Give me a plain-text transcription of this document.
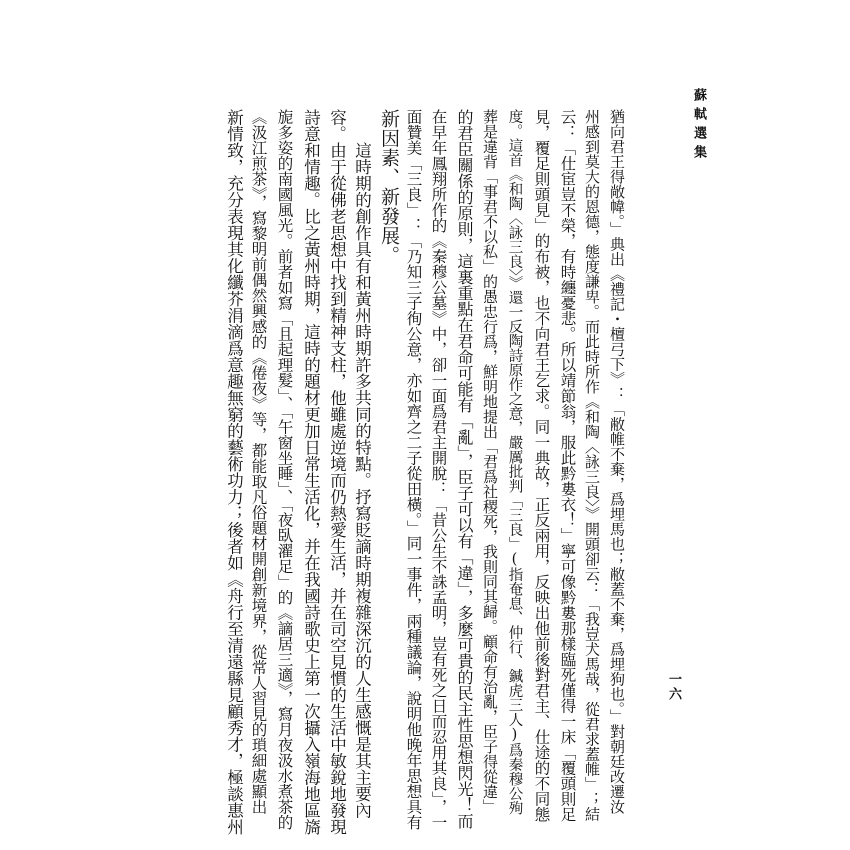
蘇軾選集
一六
猶向君王得敞幃。」典出《禮記・檀弓下》：「敝帷不棄，爲埋馬也；敝蓋不棄，爲埋狗也。」對朝廷改遷汝
州感到莫大的恩德，態度謙卑。而此時所作《和陶〈詠三良〉》開頭卻云：「我豈犬馬哉，從君求蓋帷」；結
云：「仕宦豈不榮，有時纏憂悲。所以靖節翁，服此黔婁衣！」寧可像黔婁那樣臨死僅得一床「覆頭則足
見，覆足則頭見」的布被，也不向君王乞求。同一典故，正反兩用，反映出他前後對君主、仕途的不同態
度。這首《和陶〈詠三良〉》還一反陶詩原作之意，嚴厲批判「三良」(指奄息、仲行、鍼虎三人)爲秦穆公殉
葬是違背「事君不以私」的愚忠行爲，鮮明地提出「君爲社稷死，我則同其歸。顧命有治亂，臣子得從違」
的君臣關係的原則，這裏重點在君命可能有「亂」，臣子可以有「違」，多麼可貴的民主性思想閃光！而
在早年鳳翔所作的《秦穆公墓》中，卻一面爲君主開脫：「昔公生不誅孟明，豈有死之日而忍用其良」，一
面贊美「三良」：「乃知三子徇公意，亦如齊之二子從田橫。」同一事件，兩種議論，說明他晚年思想具有
新因素、新發展。
　　這時期的創作具有和黃州時期許多共同的特點。抒寫貶謫時期複雜深沉的人生感慨是其主要內
容。由于從佛老思想中找到精神支柱，他雖處逆境而仍熱愛生活，并在司空見慣的生活中敏銳地發現
詩意和情趣。比之黃州時期，這時的題材更加日常生活化，并在我國詩歌史上第一次攝入嶺海地區旖
旎多姿的南國風光。前者如寫「且起理髮」、「午窗坐睡」、「夜臥濯足」的《謫居三適》，寫月夜汲水煮茶的
《汲江煎茶》，寫黎明前偶然興感的《倦夜》等，都能取凡俗題材開創新境界，從常人習見的瑣細處顯出
新情致，充分表現其化纖芥涓滴爲意趣無窮的藝術功力；後者如《舟行至清遠縣見顧秀才，極談惠州
